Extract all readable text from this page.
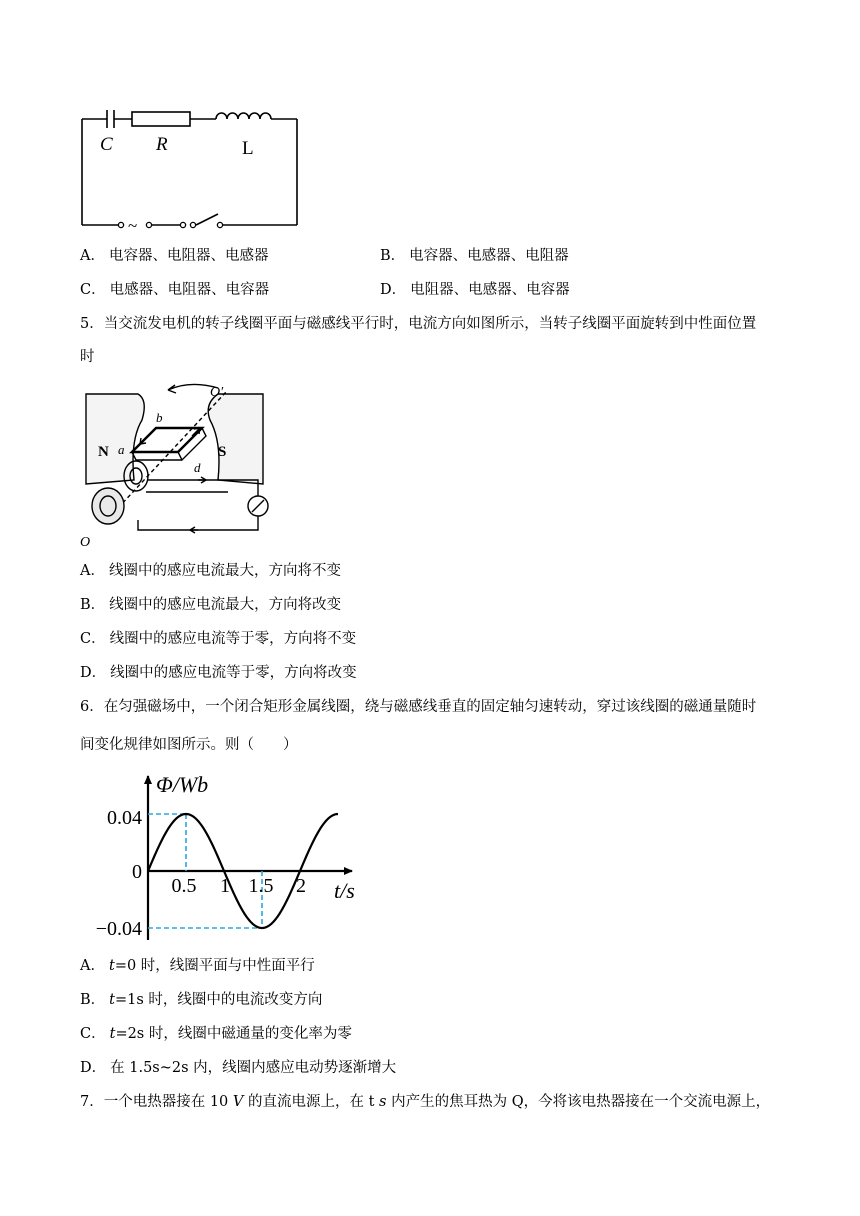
C R	L
~
A． 电容器、电阻器、电感器	B． 电容器、电感器、电阻器
C． 电感器、电阻器、电容器	D． 电阻器、电感器、电容器
5．当交流发电机的转子线圈平面与磁感线平行时，电流方向如图所示，当转子线圈平面旋转到中性面位置
时
N	S
a
b
d
O′
O
A． 线圈中的感应电流最大，方向将不变
B． 线圈中的感应电流最大，方向将改变
C． 线圈中的感应电流等于零，方向将不变
D． 线圈中的感应电流等于零，方向将改变
6．在匀强磁场中，一个闭合矩形金属线圈，绕与磁感线垂直的固定轴匀速转动，穿过该线圈的磁通量随时
间变化规律如图所示。则（　　）
Φ/Wb
t/s
0.04
0
−0.04
0.5 1 1.5 2
A． t=0 时，线圈平面与中性面平行
B． t=1s 时，线圈中的电流改变方向
C． t=2s 时，线圈中磁通量的变化率为零
D． 在 1.5s~2s 内，线圈内感应电动势逐渐增大
7．一个电热器接在 10 V 的直流电源上，在 t s 内产生的焦耳热为 Q，今将该电热器接在一个交流电源上，
